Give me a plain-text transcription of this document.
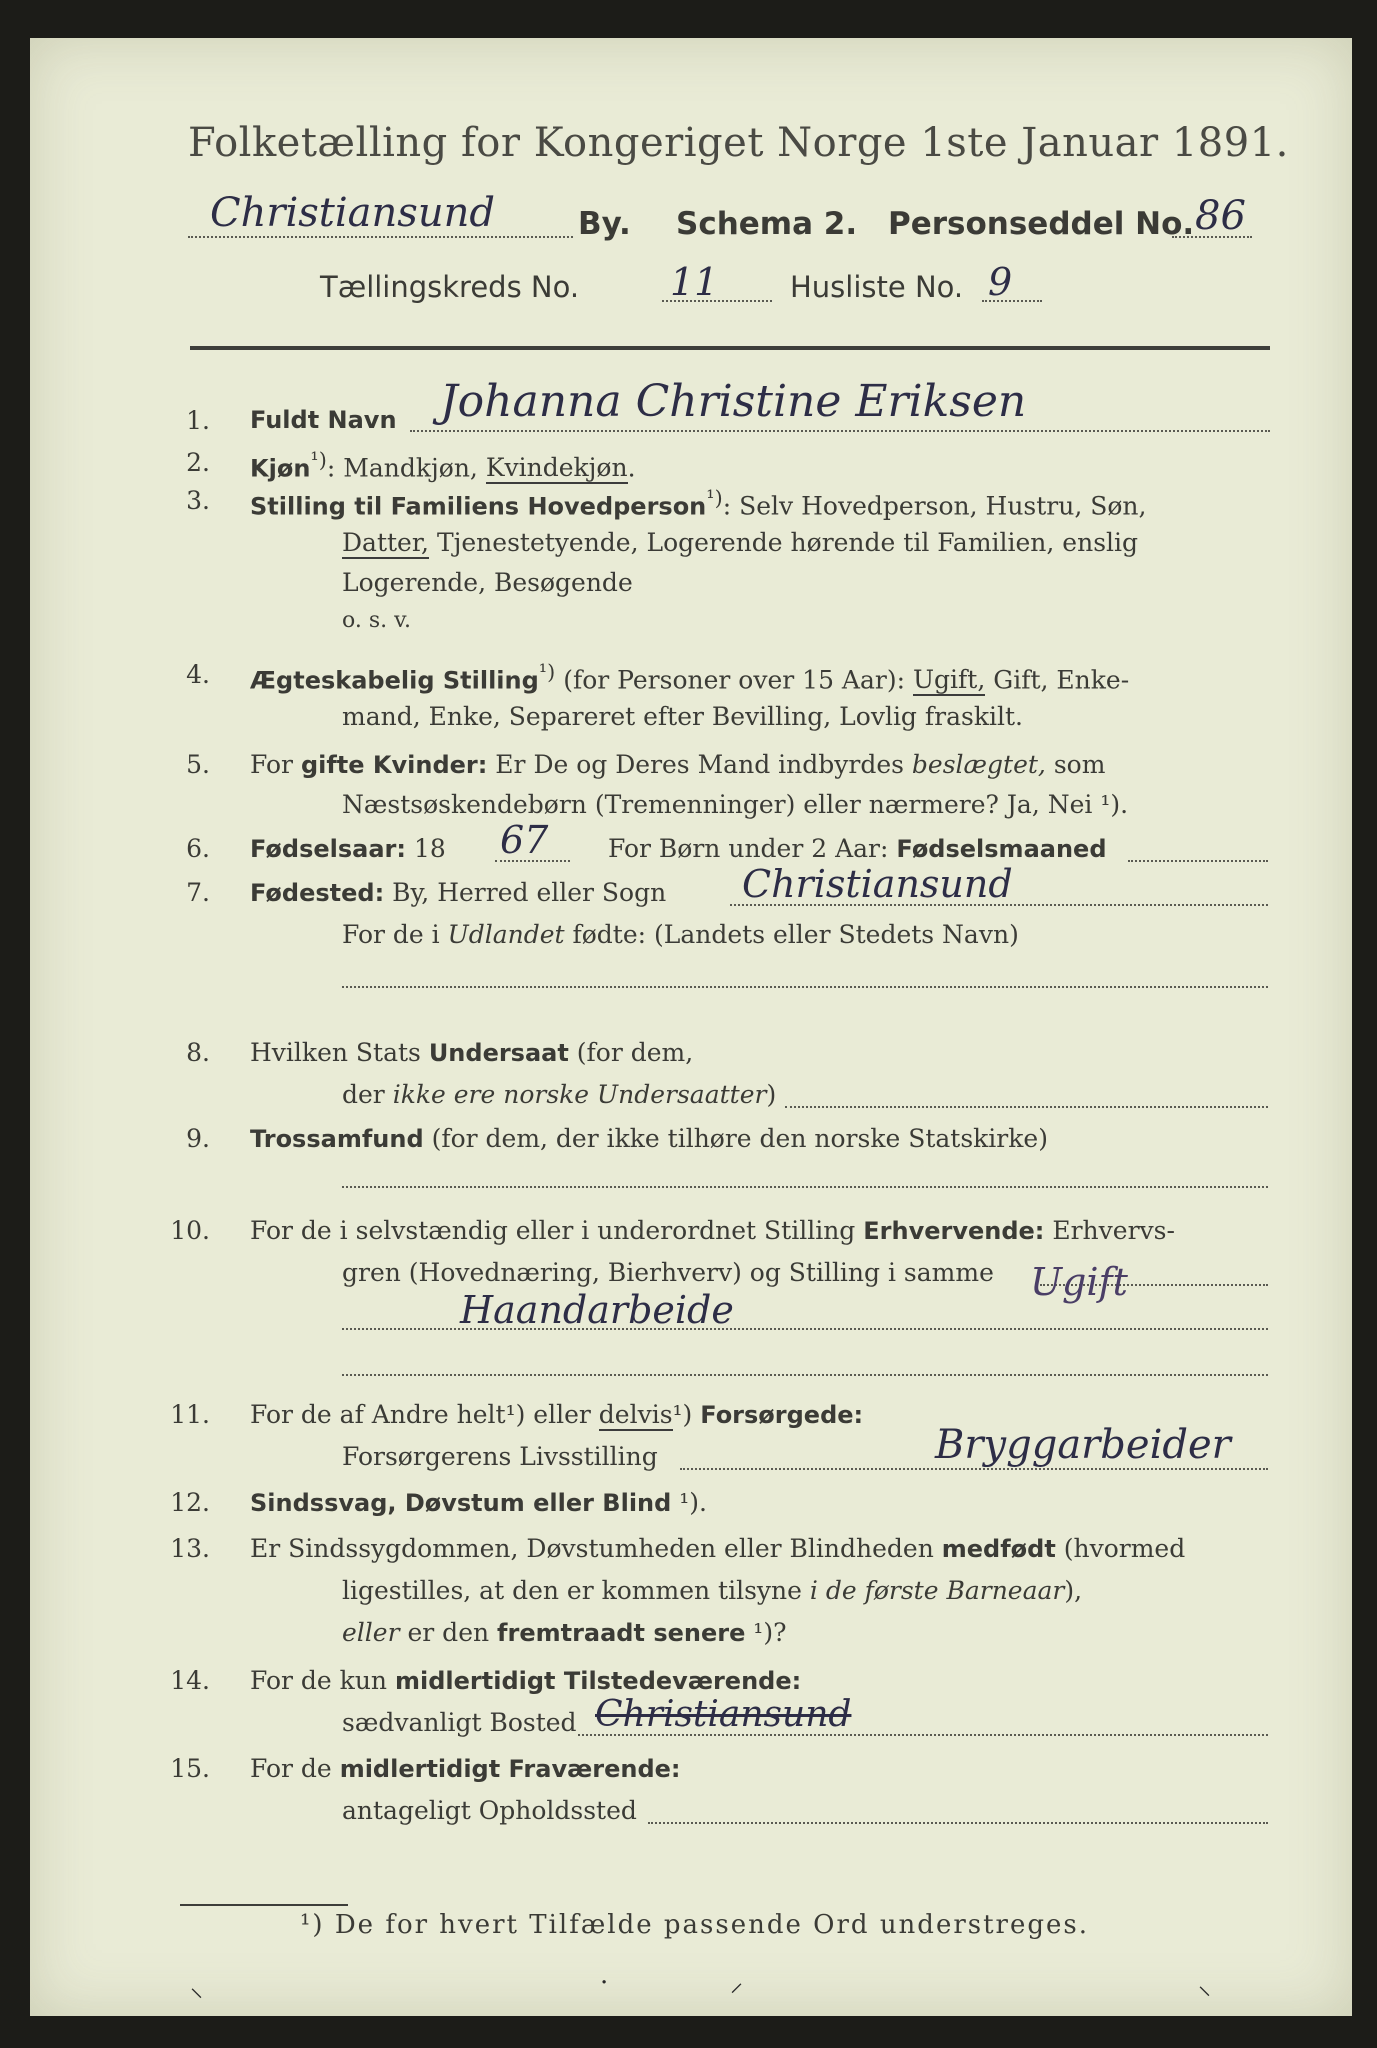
Folketælling for Kongeriget Norge 1ste Januar 1891.
Christiansund	By. Schema 2. Personseddel No. 86
Tællingskreds No. 11 Husliste No. 9
1. Fuldt Navn Johanna Christine Eriksen
2. Kjøn$^{^1)}$: Mandkjøn, Kvindekjøn.
3. Stilling til Familiens Hovedperson$^{^1)}$: Selv Hovedperson, Hustru, Søn,
Datter, Tjenestetyende, Logerende hørende til Familien, enslig
Logerende, Besøgende
o. s. v.
4. Ægteskabelig Stilling$^{^1)}$ (for Personer over 15 Aar): Ugift, Gift, Enke-
mand, Enke, Separeret efter Bevilling, Lovlig fraskilt.
5. For gifte Kvinder: Er De og Deres Mand indbyrdes beslægtet, som
Næstsøskendebørn (Tremenninger) eller nærmere? Ja, Nei ¹).
6. Fødselsaar: 18 67 For Børn under 2 Aar: Fødselsmaaned
7. Fødested: By, Herred eller Sogn Christiansund
For de i Udlandet fødte: (Landets eller Stedets Navn)
8. Hvilken Stats Undersaat (for dem,
der ikke ere norske Undersaatter)
9. Trossamfund (for dem, der ikke tilhøre den norske Statskirke)
10. For de i selvstændig eller i underordnet Stilling Erhvervende: Erhvervs-
gren (Hovednæring, Bierhverv) og Stilling i samme
Haandarbeide
Ugift
11. For de af Andre helt¹) eller delvis¹) Forsørgede:
Forsørgerens Livsstilling	Bryggarbeider
12. Sindssvag, Døvstum eller Blind ¹).
13. Er Sindssygdommen, Døvstumheden eller Blindheden medfødt (hvormed
ligestilles, at den er kommen tilsyne i de første Barneaar),
eller er den fremtraadt senere ¹)?
14. For de kun midlertidigt Tilstedeværende:
sædvanligt Bosted Christiansund
15. For de midlertidigt Fraværende:
antageligt Opholdssted
¹) De for hvert Tilfælde passende Ord understreges.
⸜	·	⸝	⸜
